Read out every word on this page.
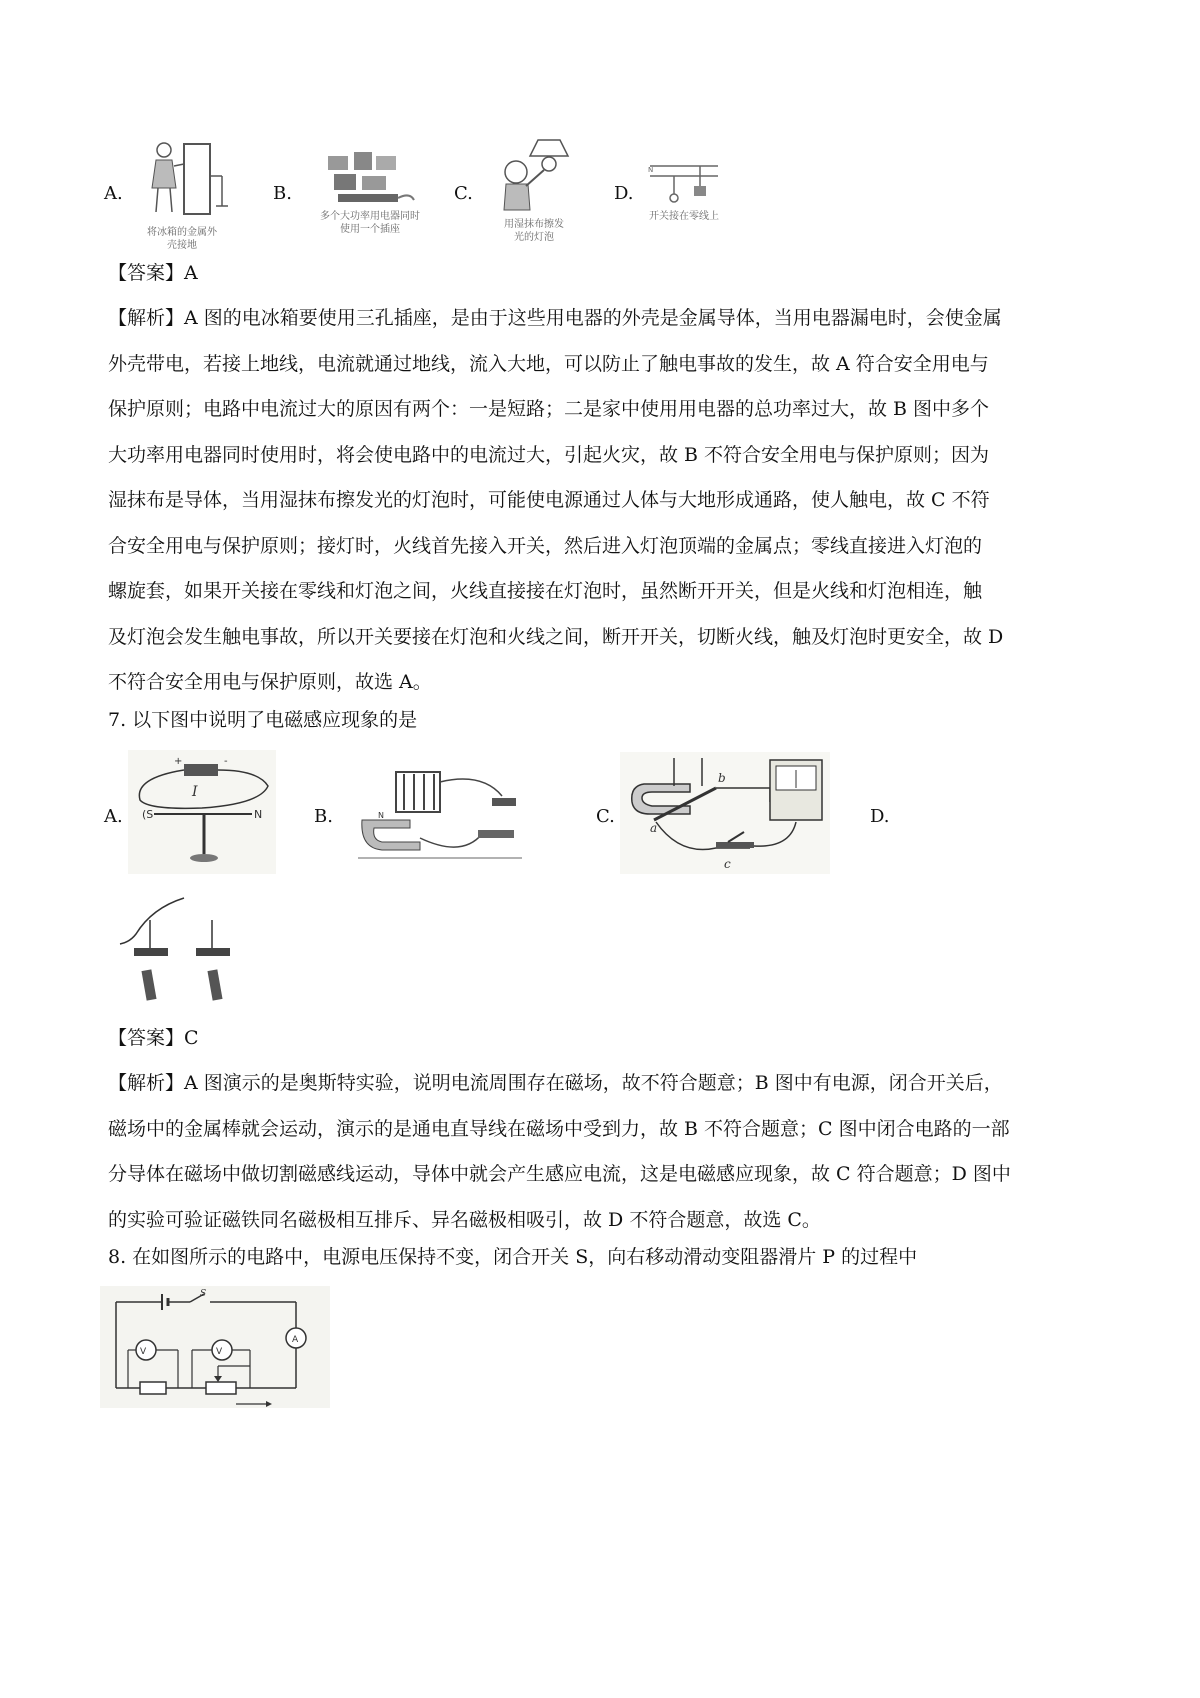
A.
将冰箱的金属外壳接地
B.
多个大功率用电器同时使用一个插座
C.
用湿抹布擦发光的灯泡
D.
N
开关接在零线上
【答案】A
【解析】A 图的电冰箱要使用三孔插座，是由于这些用电器的外壳是金属导体，当用电器漏电时，会使金属
外壳带电，若接上地线，电流就通过地线，流入大地，可以防止了触电事故的发生，故 A 符合安全用电与
保护原则；电路中电流过大的原因有两个：一是短路；二是家中使用用电器的总功率过大，故 B 图中多个
大功率用电器同时使用时，将会使电路中的电流过大，引起火灾，故 B 不符合安全用电与保护原则；因为
湿抹布是导体，当用湿抹布擦发光的灯泡时，可能使电源通过人体与大地形成通路，使人触电，故 C 不符
合安全用电与保护原则；接灯时，火线首先接入开关，然后进入灯泡顶端的金属点；零线直接进入灯泡的
螺旋套，如果开关接在零线和灯泡之间，火线直接接在灯泡时，虽然断开开关，但是火线和灯泡相连，触
及灯泡会发生触电事故，所以开关要接在灯泡和火线之间，断开开关，切断火线，触及灯泡时更安全，故 D
不符合安全用电与保护原则，故选 A。
7. 以下图中说明了电磁感应现象的是
A.
+	-
I
(S	N	B.	N	C.
b
a
c
D.
【答案】C
【解析】A 图演示的是奥斯特实验，说明电流周围存在磁场，故不符合题意；B 图中有电源，闭合开关后，
磁场中的金属棒就会运动，演示的是通电直导线在磁场中受到力，故 B 不符合题意；C 图中闭合电路的一部
分导体在磁场中做切割磁感线运动，导体中就会产生感应电流，这是电磁感应现象，故 C 符合题意；D 图中
的实验可验证磁铁同名磁极相互排斥、异名磁极相吸引，故 D 不符合题意，故选 C。
8. 在如图所示的电路中，电源电压保持不变，闭合开关 S，向右移动滑动变阻器滑片 P 的过程中
S
A
V	V
